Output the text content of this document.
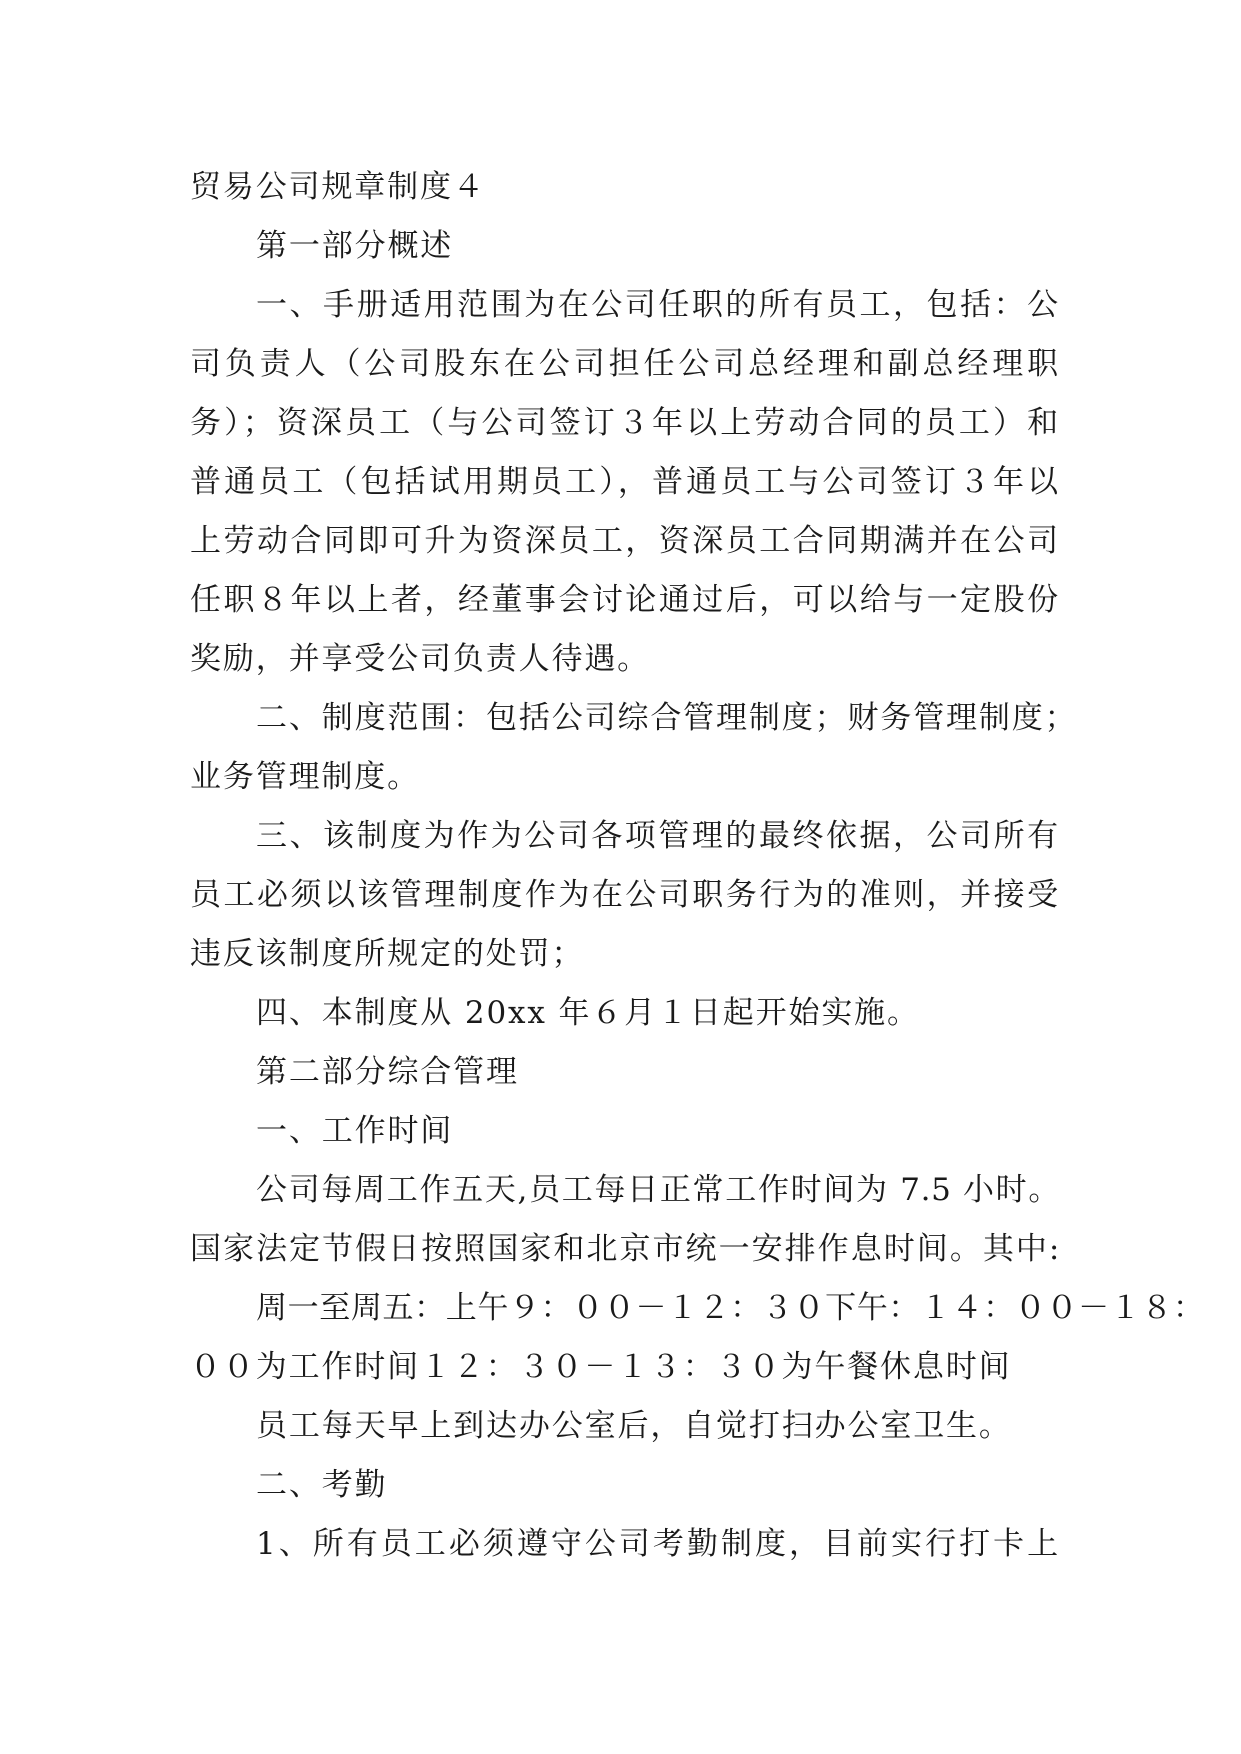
贸易公司规章制度４
第一部分概述
一、手册适用范围为在公司任职的所有员工，包括：公
司负责人（公司股东在公司担任公司总经理和副总经理职
务）；资深员工（与公司签订３年以上劳动合同的员工）和
普通员工（包括试用期员工），普通员工与公司签订３年以
上劳动合同即可升为资深员工，资深员工合同期满并在公司
任职８年以上者，经董事会讨论通过后，可以给与一定股份
奖励，并享受公司负责人待遇。
二、制度范围：包括公司综合管理制度；财务管理制度；
业务管理制度。
三、该制度为作为公司各项管理的最终依据，公司所有
员工必须以该管理制度作为在公司职务行为的准则，并接受
违反该制度所规定的处罚；
四、本制度从 20xx 年６月１日起开始实施。
第二部分综合管理
一、工作时间
公司每周工作五天,员工每日正常工作时间为 7.5 小时。
国家法定节假日按照国家和北京市统一安排作息时间。其中:
周一至周五：上午９：００－１２：３０下午：１４：００－１８：
００为工作时间１２：３０－１３：３０为午餐休息时间
员工每天早上到达办公室后，自觉打扫办公室卫生。
二、考勤
1、所有员工必须遵守公司考勤制度，目前实行打卡上
